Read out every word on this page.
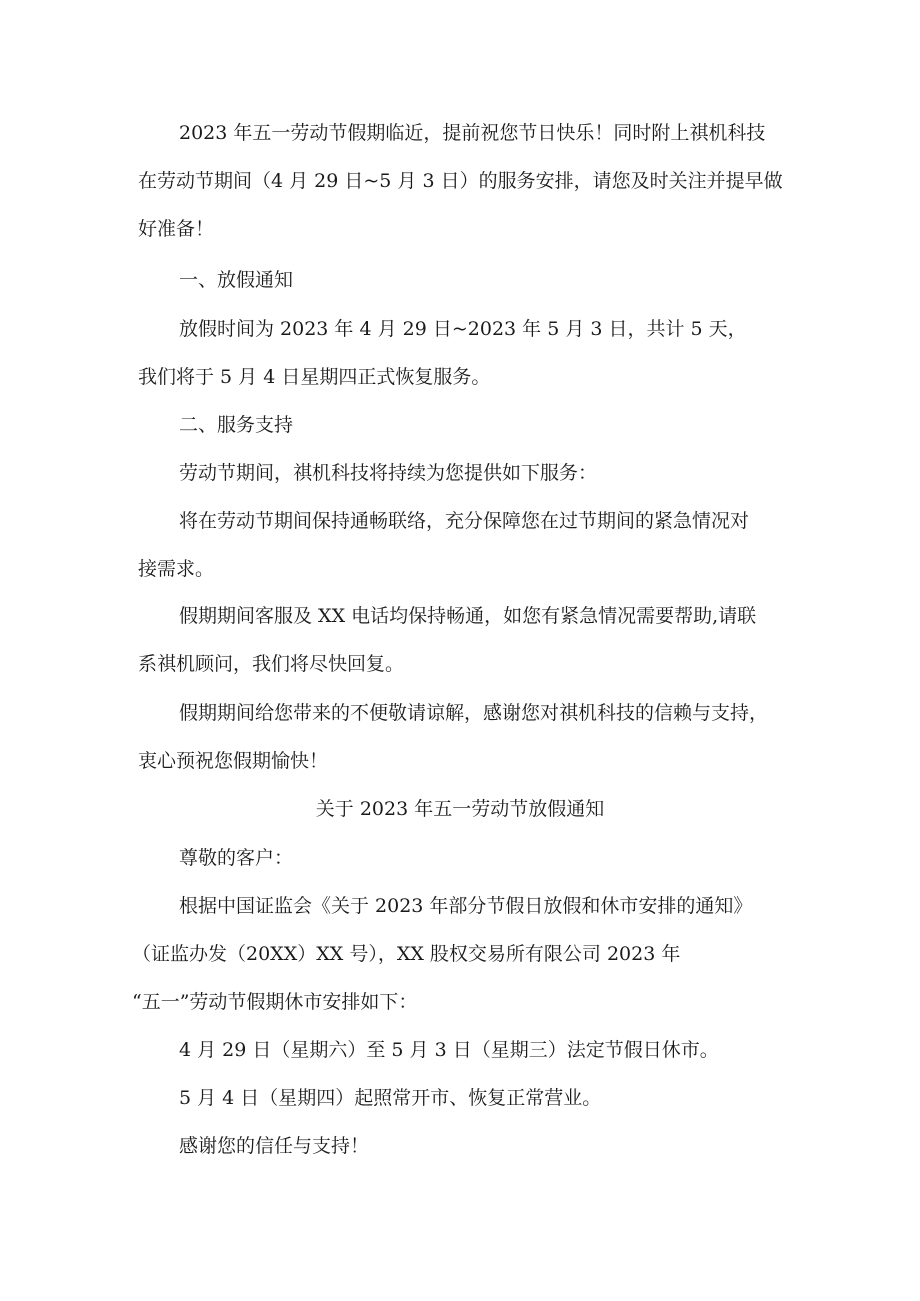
2023 年五一劳动节假期临近，提前祝您节日快乐！同时附上祺机科技
在劳动节期间（4 月 29 日~5 月 3 日）的服务安排，请您及时关注并提早做
好准备！
一、放假通知
放假时间为 2023 年 4 月 29 日~2023 年 5 月 3 日，共计 5 天，
我们将于 5 月 4 日星期四正式恢复服务。
二、服务支持
劳动节期间，祺机科技将持续为您提供如下服务：
将在劳动节期间保持通畅联络，充分保障您在过节期间的紧急情况对
接需求。
假期期间客服及 XX 电话均保持畅通，如您有紧急情况需要帮助,请联
系祺机顾问，我们将尽快回复。
假期期间给您带来的不便敬请谅解，感谢您对祺机科技的信赖与支持，
衷心预祝您假期愉快！
关于 2023 年五一劳动节放假通知
尊敬的客户：
根据中国证监会《关于 2023 年部分节假日放假和休市安排的通知》
（证监办发（20XX）XX 号），XX 股权交易所有限公司 2023 年
“五一”劳动节假期休市安排如下：
4 月 29 日（星期六）至 5 月 3 日（星期三）法定节假日休市。
5 月 4 日（星期四）起照常开市、恢复正常营业。
感谢您的信任与支持！
